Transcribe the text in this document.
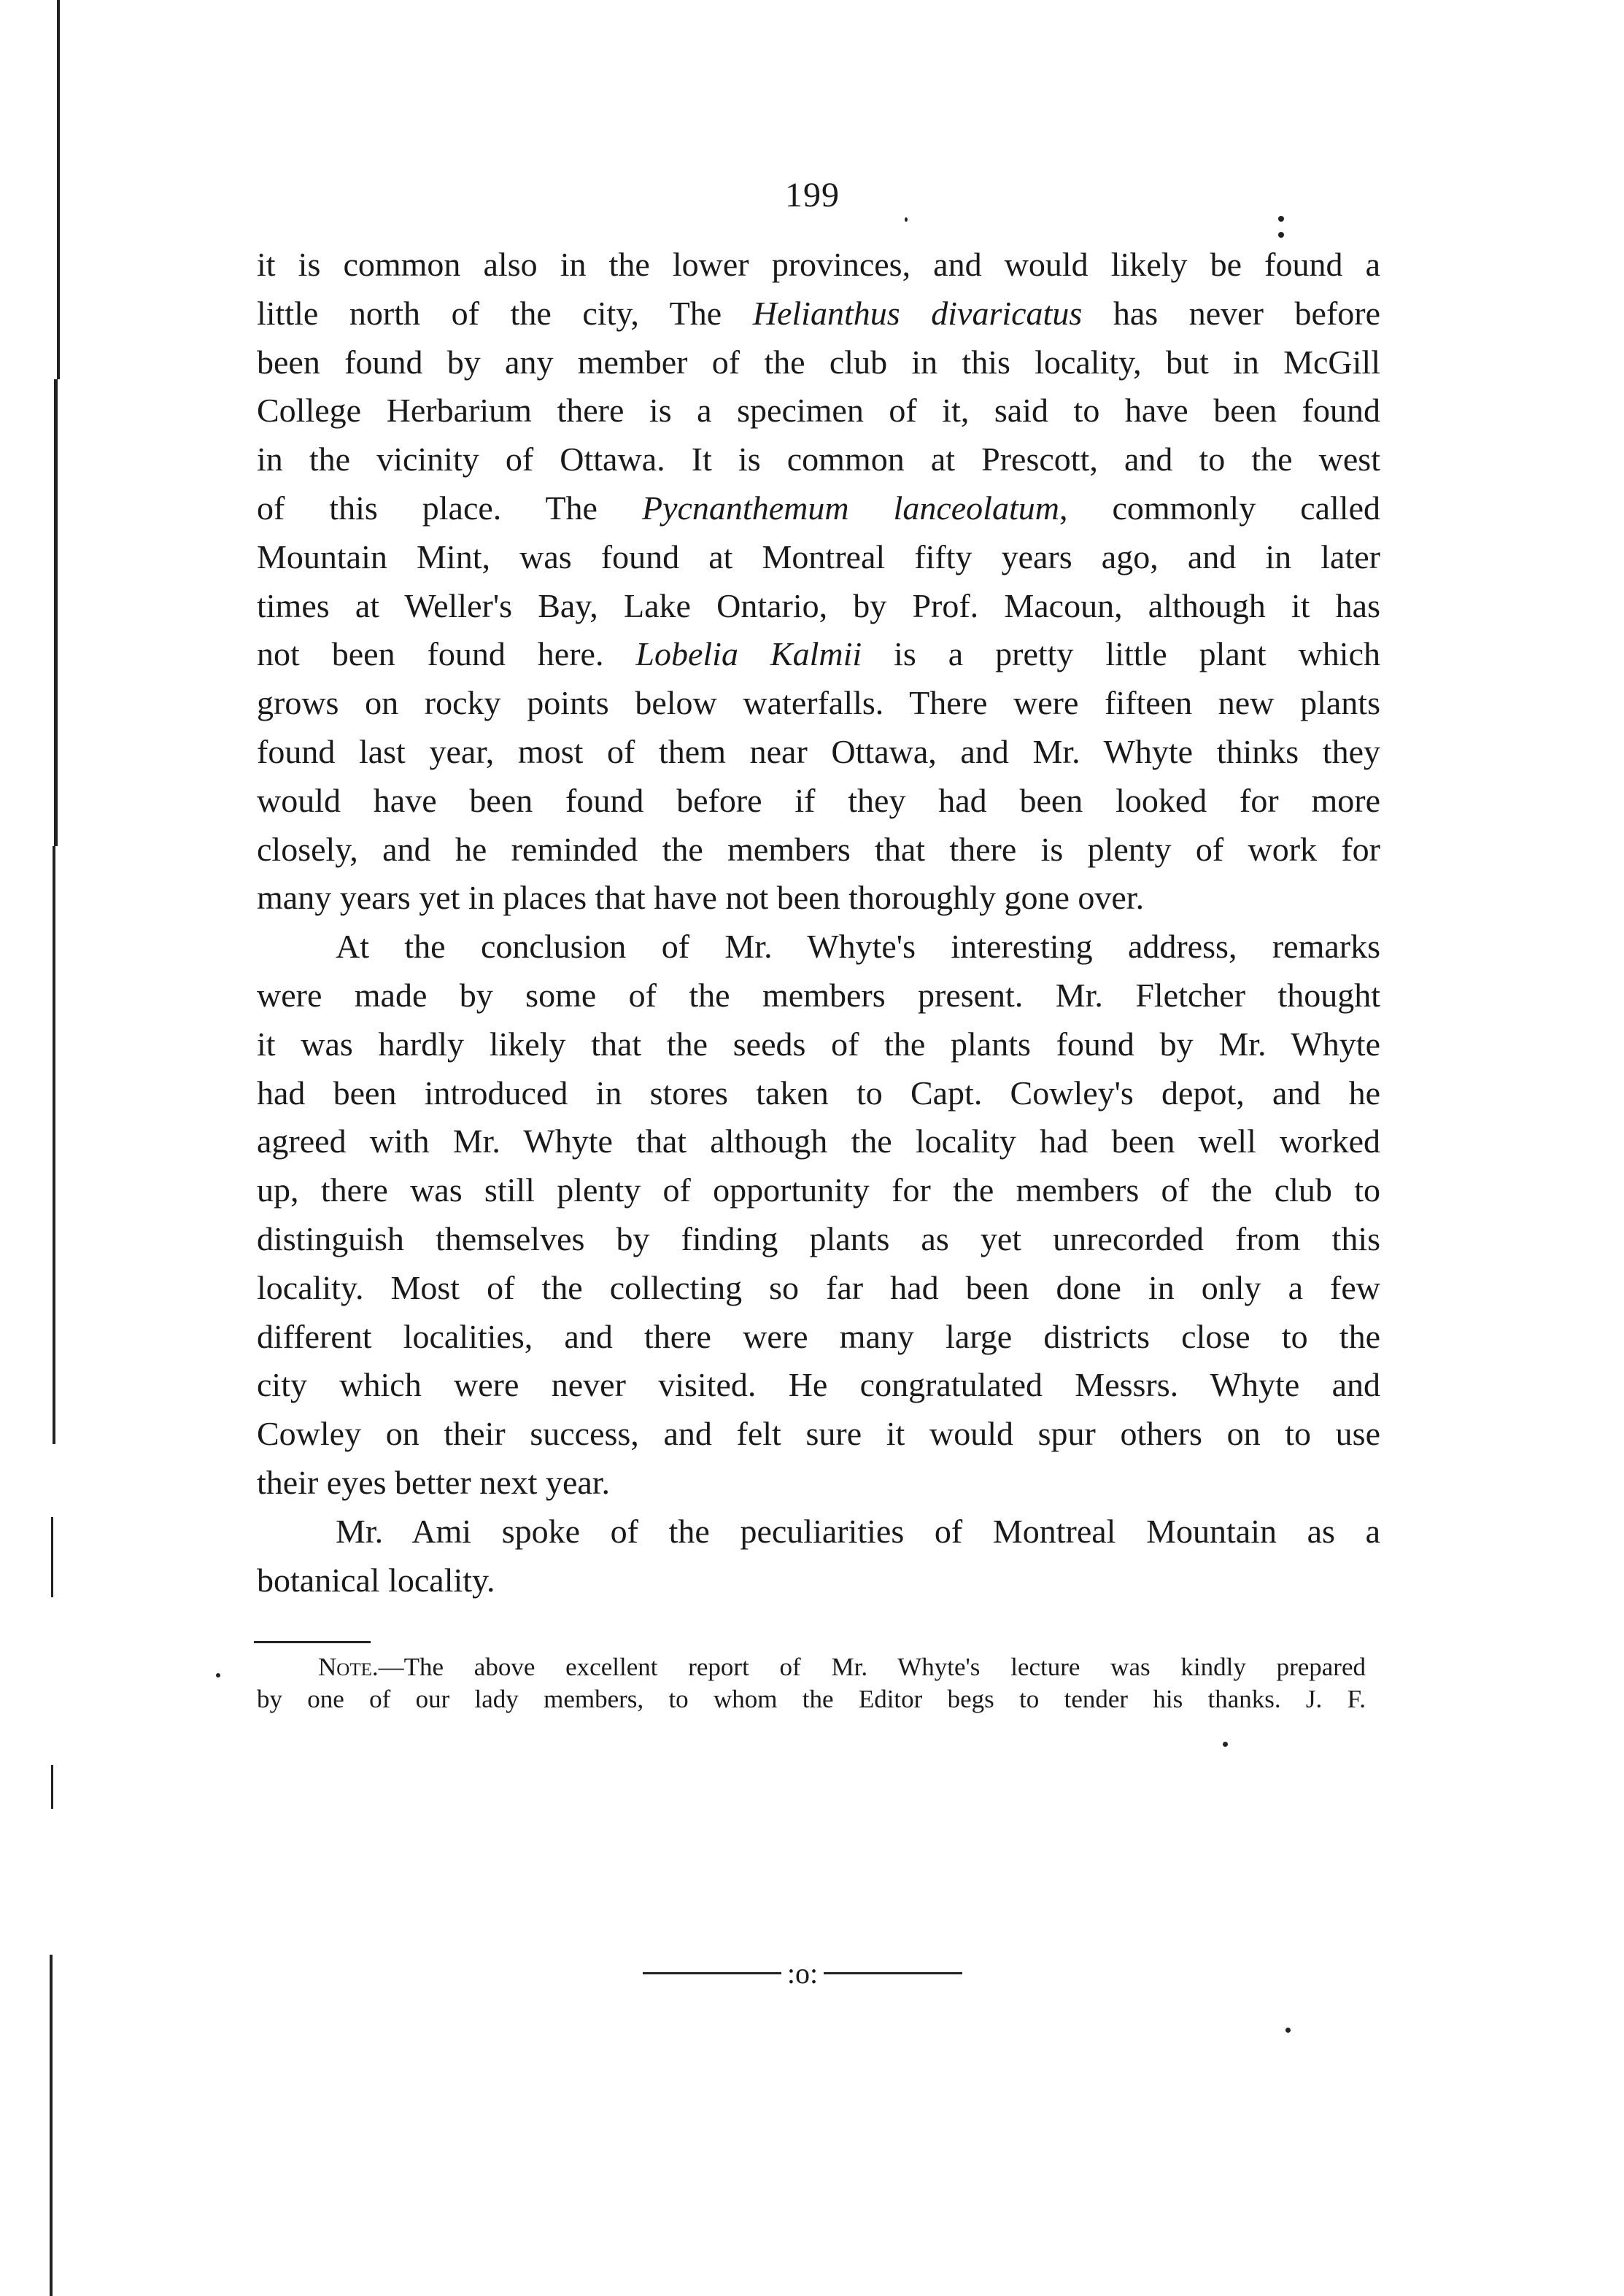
199
it is common also in the lower provinces, and would likely be found a
little north of the city, The Helianthus divaricatus has never before
been found by any member of the club in this locality, but in McGill
College Herbarium there is a specimen of it, said to have been found
in the vicinity of Ottawa. It is common at Prescott, and to the west
of this place. The Pycnanthemum lanceolatum, commonly called
Mountain Mint, was found at Montreal fifty years ago, and in later
times at Weller's Bay, Lake Ontario, by Prof. Macoun, although it has
not been found here. Lobelia Kalmii is a pretty little plant which
grows on rocky points below waterfalls. There were fifteen new plants
found last year, most of them near Ottawa, and Mr. Whyte thinks they
would have been found before if they had been looked for more
closely, and he reminded the members that there is plenty of work for
many years yet in places that have not been thoroughly gone over.
At the conclusion of Mr. Whyte's interesting address, remarks
were made by some of the members present. Mr. Fletcher thought
it was hardly likely that the seeds of the plants found by Mr. Whyte
had been introduced in stores taken to Capt. Cowley's depot, and he
agreed with Mr. Whyte that although the locality had been well worked
up, there was still plenty of opportunity for the members of the club to
distinguish themselves by finding plants as yet unrecorded from this
locality. Most of the collecting so far had been done in only a few
different localities, and there were many large districts close to the
city which were never visited. He congratulated Messrs. Whyte and
Cowley on their success, and felt sure it would spur others on to use
their eyes better next year.
Mr. Ami spoke of the peculiarities of Montreal Mountain as a
botanical locality.
Note.—The above excellent report of Mr. Whyte's lecture was kindly prepared
by one of our lady members, to whom the Editor begs to tender his thanks. J. F.
:o:
